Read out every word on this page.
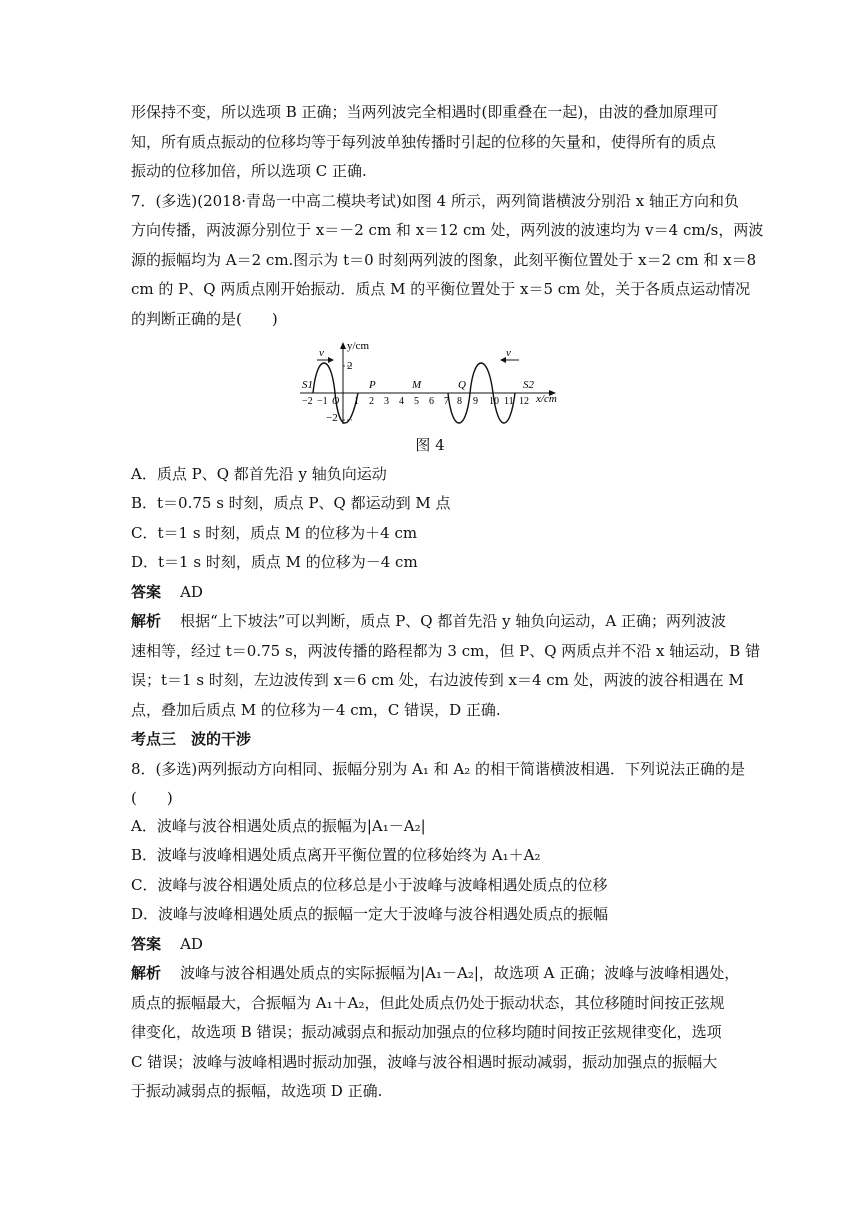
形保持不变，所以选项 B 正确；当两列波完全相遇时(即重叠在一起)，由波的叠加原理可
知，所有质点振动的位移均等于每列波单独传播时引起的位移的矢量和，使得所有的质点
振动的位移加倍，所以选项 C 正确.
7．(多选)(2018·青岛一中高二模块考试)如图 4 所示，两列简谐横波分别沿 x 轴正方向和负
方向传播，两波源分别位于 x＝－2 cm 和 x＝12 cm 处，两列波的波速均为 v＝4 cm/s，两波
源的振幅均为 A＝2 cm.图示为 t＝0 时刻两列波的图象，此刻平衡位置处于 x＝2 cm 和 x＝8
cm 的 P、Q 两质点刚开始振动．质点 M 的平衡位置处于 x＝5 cm 处，关于各质点运动情况
的判断正确的是(　　)
v	v
y/cm
2
−2
S1	P	M	Q	S2
−2 −1 O 1 2 3 4 5 6 7 8 9 10 11 12 x/cm
图 4
A．质点 P、Q 都首先沿 y 轴负向运动
B．t＝0.75 s 时刻，质点 P、Q 都运动到 M 点
C．t＝1 s 时刻，质点 M 的位移为＋4 cm
D．t＝1 s 时刻，质点 M 的位移为－4 cm
答案 AD
解析 根据“上下坡法”可以判断，质点 P、Q 都首先沿 y 轴负向运动，A 正确；两列波波
速相等，经过 t＝0.75 s，两波传播的路程都为 3 cm，但 P、Q 两质点并不沿 x 轴运动，B 错
误；t＝1 s 时刻，左边波传到 x＝6 cm 处，右边波传到 x＝4 cm 处，两波的波谷相遇在 M
点，叠加后质点 M 的位移为－4 cm，C 错误，D 正确.
考点三　波的干涉
8．(多选)两列振动方向相同、振幅分别为 A₁ 和 A₂ 的相干简谐横波相遇．下列说法正确的是
(　　)
A．波峰与波谷相遇处质点的振幅为|A₁－A₂|
B．波峰与波峰相遇处质点离开平衡位置的位移始终为 A₁＋A₂
C．波峰与波谷相遇处质点的位移总是小于波峰与波峰相遇处质点的位移
D．波峰与波峰相遇处质点的振幅一定大于波峰与波谷相遇处质点的振幅
答案 AD
解析 波峰与波谷相遇处质点的实际振幅为|A₁－A₂|，故选项 A 正确；波峰与波峰相遇处，
质点的振幅最大，合振幅为 A₁＋A₂，但此处质点仍处于振动状态，其位移随时间按正弦规
律变化，故选项 B 错误；振动减弱点和振动加强点的位移均随时间按正弦规律变化，选项
C 错误；波峰与波峰相遇时振动加强，波峰与波谷相遇时振动减弱，振动加强点的振幅大
于振动减弱点的振幅，故选项 D 正确.
